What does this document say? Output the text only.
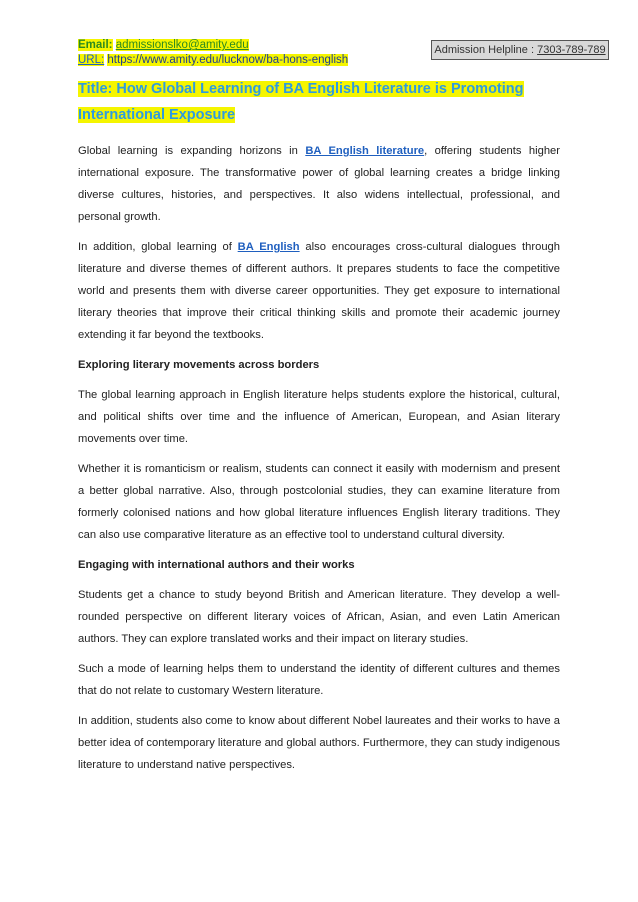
Email: admissionslko@amity.edu
URL: https://www.amity.edu/lucknow/ba-hons-english
Admission Helpline : 7303-789-789
Title: How Global Learning of BA English Literature is Promoting International Exposure

Global learning is expanding horizons in BA English literature, offering students higher international exposure. The transformative power of global learning creates a bridge linking diverse cultures, histories, and perspectives. It also widens intellectual, professional, and personal growth.

In addition, global learning of BA English also encourages cross-cultural dialogues through literature and diverse themes of different authors. It prepares students to face the competitive world and presents them with diverse career opportunities. They get exposure to international literary theories that improve their critical thinking skills and promote their academic journey extending it far beyond the textbooks.

Exploring literary movements across borders

The global learning approach in English literature helps students explore the historical, cultural, and political shifts over time and the influence of American, European, and Asian literary movements over time.

Whether it is romanticism or realism, students can connect it easily with modernism and present a better global narrative. Also, through postcolonial studies, they can examine literature from formerly colonised nations and how global literature influences English literary traditions. They can also use comparative literature as an effective tool to understand cultural diversity.

Engaging with international authors and their works

Students get a chance to study beyond British and American literature. They develop a well-rounded perspective on different literary voices of African, Asian, and even Latin American authors. They can explore translated works and their impact on literary studies.

Such a mode of learning helps them to understand the identity of different cultures and themes that do not relate to customary Western literature.

In addition, students also come to know about different Nobel laureates and their works to have a better idea of contemporary literature and global authors. Furthermore, they can study indigenous literature to understand native perspectives.
